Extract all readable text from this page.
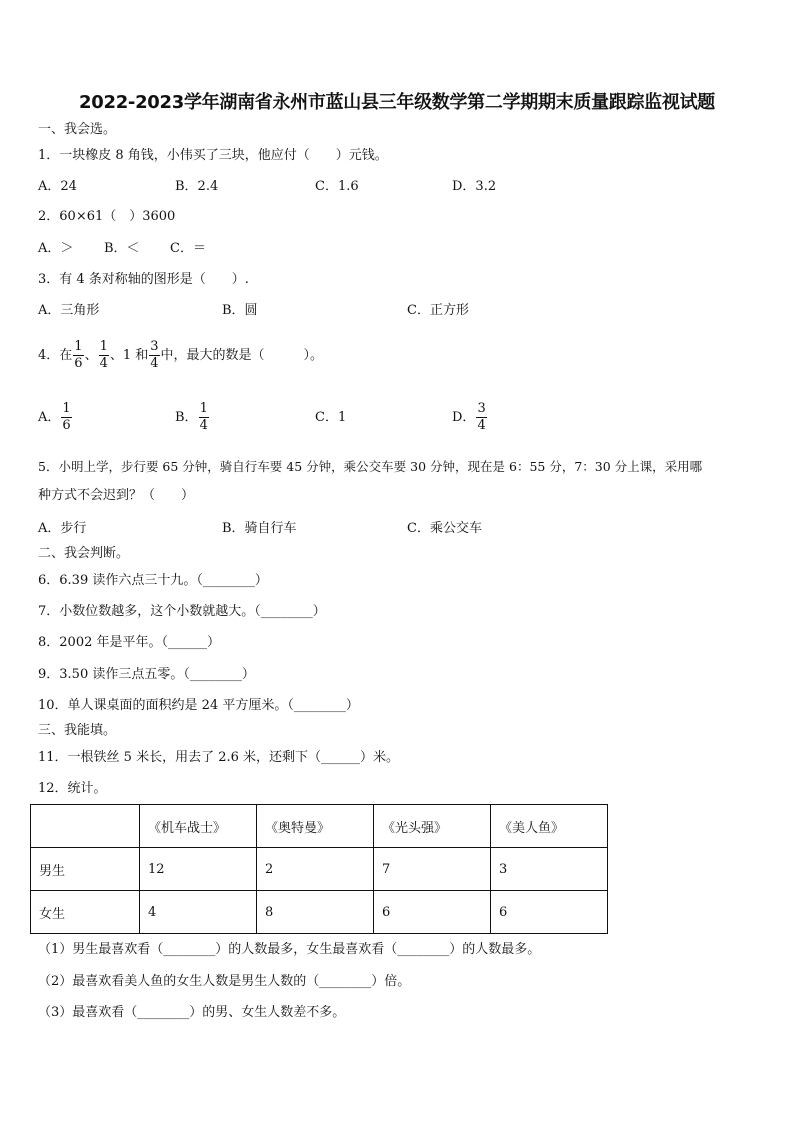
2022-2023学年湖南省永州市蓝山县三年级数学第二学期期末质量跟踪监视试题
一、我会选。
1．一块橡皮 8 角钱，小伟买了三块，他应付（　　）元钱。
A．24	B．2.4	C．1.6	D．3.2
2．60×61（　）3600
A．＞ B．＜ C．＝
3．有 4 条对称轴的图形是（　　）.
A．三角形	B．圆	C．正方形
4．在 $\frac{1}{6}$ 、 $\frac{1}{4}$ 、1 和 $\frac{3}{4}$ 中，最大的数是（　　　）。
A． $\frac{1}{6}$	B． $\frac{1}{4}$	C．1	D． $\frac{3}{4}$
5．小明上学，步行要 65 分钟，骑自行车要 45 分钟，乘公交车要 30 分钟，现在是 6：55 分，7：30 分上课，采用哪
种方式不会迟到？（　　）
A．步行	B．骑自行车	C．乘公交车
二、我会判断。
6．6.39 读作六点三十九。（________）
7．小数位数越多，这个小数就越大。（________）
8．2002 年是平年。（______）
9．3.50 读作三点五零。（________）
10．单人课桌面的面积约是 24 平方厘米。（________）
三、我能填。
11．一根铁丝 5 米长，用去了 2.6 米，还剩下（______）米。
12．统计。
	《机车战士》	《奥特曼》	《光头强》	《美人鱼》
男生	12	2	7	3
女生	4	8	6	6
（1）男生最喜欢看（________）的人数最多，女生最喜欢看（________）的人数最多。
（2）最喜欢看美人鱼的女生人数是男生人数的（________）倍。
（3）最喜欢看（________）的男、女生人数差不多。
